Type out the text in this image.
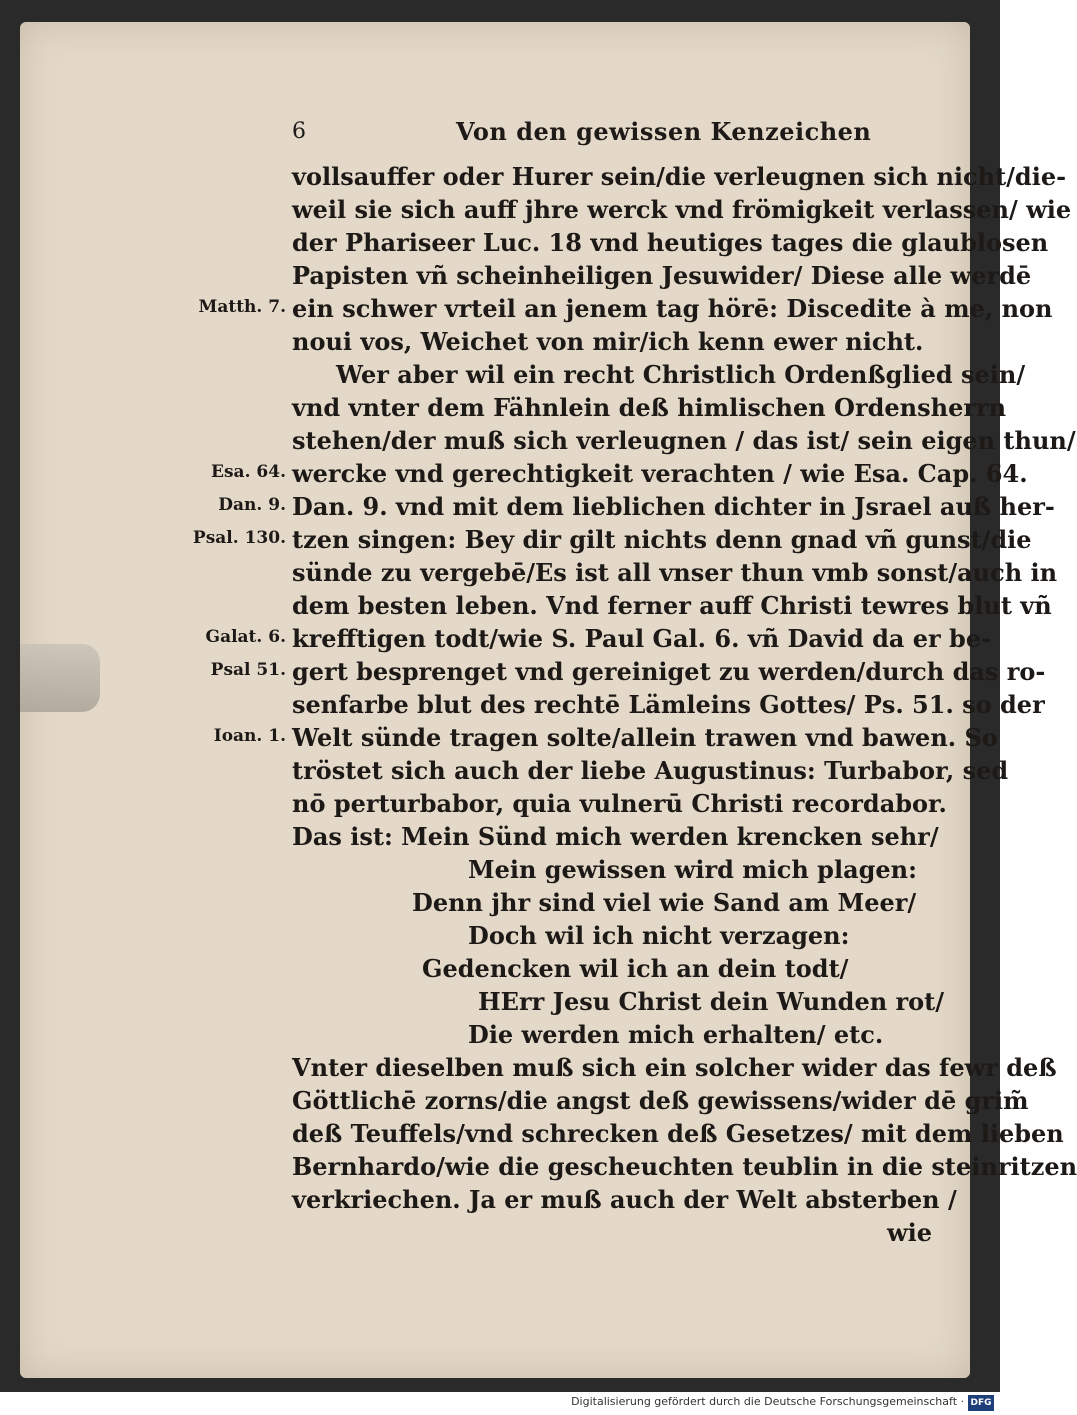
6	Von den gewissen Kenzeichen
Matth. 7.
Esa. 64.
Dan. 9.
Psal. 130.
Galat. 6.
Psal 51.
Ioan. 1.
vollsauffer oder Hurer sein/die verleugnen sich nicht/die-
weil sie sich auff jhre werck vnd frömigkeit verlassen/ wie
der Phariseer Luc. 18 vnd heutiges tages die glaublosen
Papisten vñ scheinheiligen Jesuwider/ Diese alle werdē
ein schwer vrteil an jenem tag hörē: Discedite à me, non
noui vos, Weichet von mir/ich kenn ewer nicht.
Wer aber wil ein recht Christlich Ordenßglied sein/
vnd vnter dem Fähnlein deß himlischen Ordensherrn
stehen/der muß sich verleugnen / das ist/ sein eigen thun/
wercke vnd gerechtigkeit verachten / wie Esa. Cap. 64.
Dan. 9. vnd mit dem lieblichen dichter in Jsrael auß her-
tzen singen: Bey dir gilt nichts denn gnad vñ gunst/die
sünde zu vergebē/Es ist all vnser thun vmb sonst/auch in
dem besten leben. Vnd ferner auff Christi tewres blut vñ
krefftigen todt/wie S. Paul Gal. 6. vñ David da er be-
gert besprenget vnd gereiniget zu werden/durch das ro-
senfarbe blut des rechtē Lämleins Gottes/ Ps. 51. so der
Welt sünde tragen solte/allein trawen vnd bawen. So
tröstet sich auch der liebe Augustinus: Turbabor, sed
nō perturbabor, quia vulnerū Christi recordabor.
Das ist: Mein Sünd mich werden krencken sehr/
Mein gewissen wird mich plagen:
Denn jhr sind viel wie Sand am Meer/
Doch wil ich nicht verzagen:
Gedencken wil ich an dein todt/
HErr Jesu Christ dein Wunden rot/
Die werden mich erhalten/ etc.
Vnter dieselben muß sich ein solcher wider das fewr deß
Göttlichē zorns/die angst deß gewissens/wider dē grim̃
deß Teuffels/vnd schrecken deß Gesetzes/ mit dem lieben
Bernhardo/wie die gescheuchten teublin in die steinritzen
verkriechen. Ja er muß auch der Welt absterben /
wie
Digitalisierung gefördert durch die Deutsche Forschungsgemeinschaft · DFG
